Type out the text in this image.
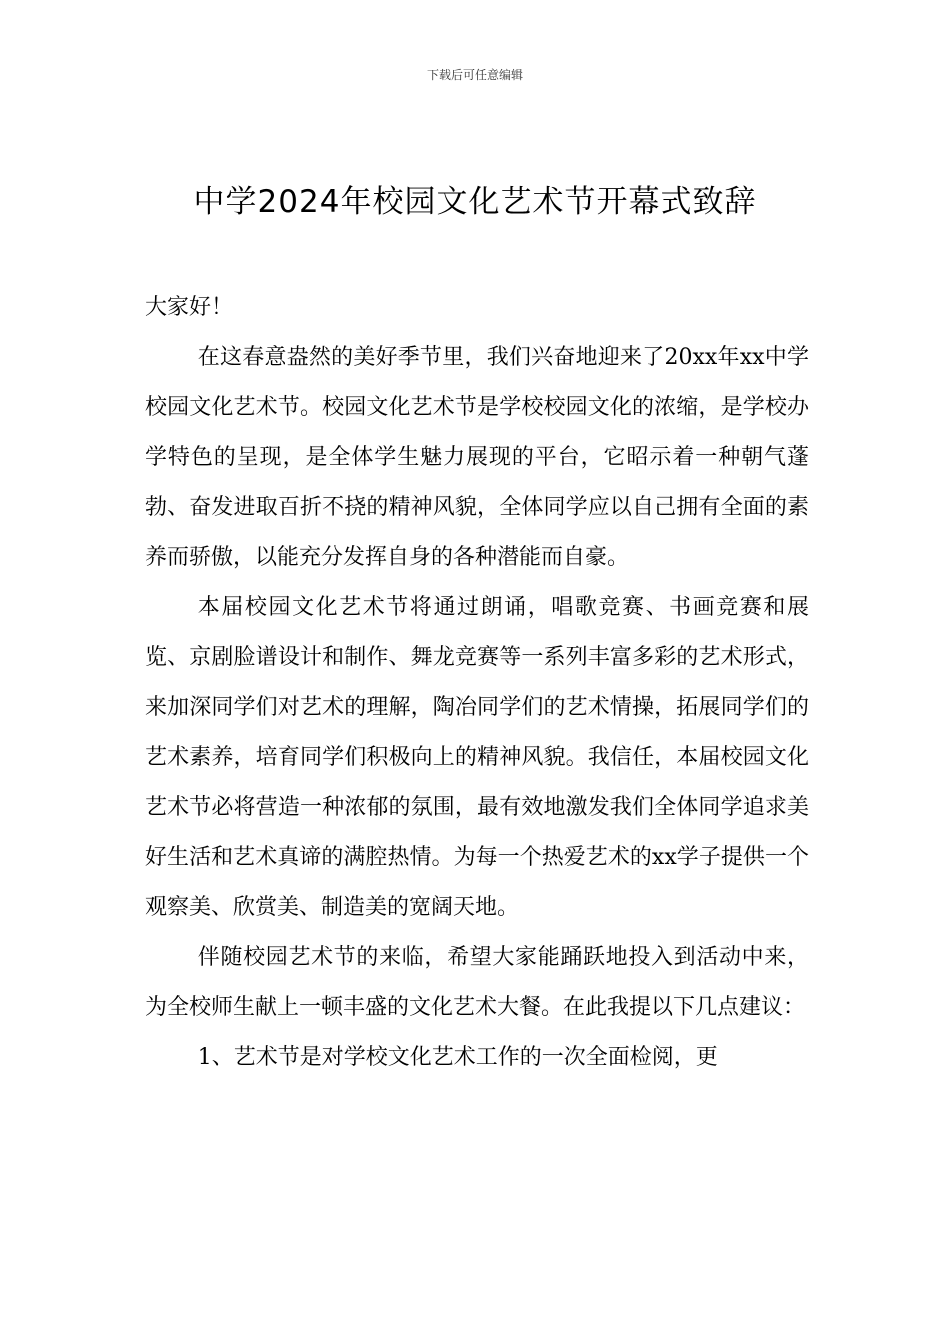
下载后可任意编辑
中学2024年校园文化艺术节开幕式致辞

大家好！

在这春意盎然的美好季节里，我们兴奋地迎来了20xx年xx中学校园文化艺术节。校园文化艺术节是学校校园文化的浓缩，是学校办学特色的呈现，是全体学生魅力展现的平台，它昭示着一种朝气蓬勃、奋发进取百折不挠的精神风貌，全体同学应以自己拥有全面的素养而骄傲，以能充分发挥自身的各种潜能而自豪。

本届校园文化艺术节将通过朗诵，唱歌竞赛、书画竞赛和展览、京剧脸谱设计和制作、舞龙竞赛等一系列丰富多彩的艺术形式，来加深同学们对艺术的理解，陶冶同学们的艺术情操，拓展同学们的艺术素养，培育同学们积极向上的精神风貌。我信任，本届校园文化艺术节必将营造一种浓郁的氛围，最有效地激发我们全体同学追求美好生活和艺术真谛的满腔热情。为每一个热爱艺术的xx学子提供一个观察美、欣赏美、制造美的宽阔天地。

伴随校园艺术节的来临，希望大家能踊跃地投入到活动中来，为全校师生献上一顿丰盛的文化艺术大餐。在此我提以下几点建议：

1、艺术节是对学校文化艺术工作的一次全面检阅，更
